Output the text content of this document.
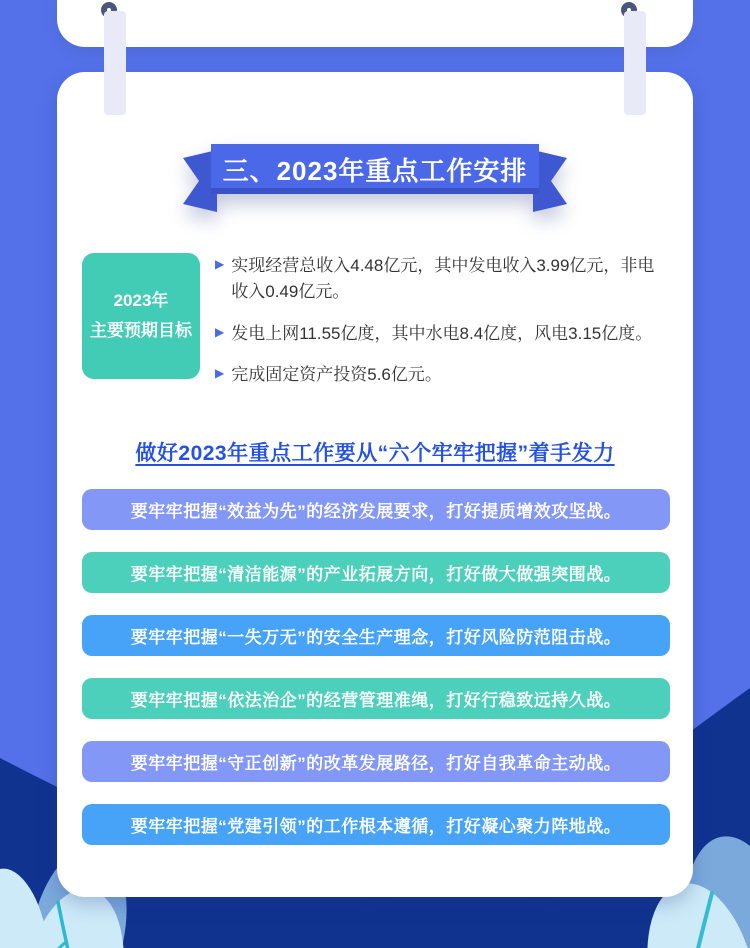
三、2023年重点工作安排
2023年
主要预期目标
▶ 实现经营总收入4.48亿元，其中发电收入3.99亿元，非电收入0.49亿元。
▶ 发电上网11.55亿度，其中水电8.4亿度，风电3.15亿度。
▶ 完成固定资产投资5.6亿元。
做好2023年重点工作要从“六个牢牢把握”着手发力
要牢牢把握“效益为先”的经济发展要求，打好提质增效攻坚战。
要牢牢把握“清洁能源”的产业拓展方向，打好做大做强突围战。
要牢牢把握“一失万无”的安全生产理念，打好风险防范阻击战。
要牢牢把握“依法治企”的经营管理准绳，打好行稳致远持久战。
要牢牢把握“守正创新”的改革发展路径，打好自我革命主动战。
要牢牢把握“党建引领”的工作根本遵循，打好凝心聚力阵地战。
